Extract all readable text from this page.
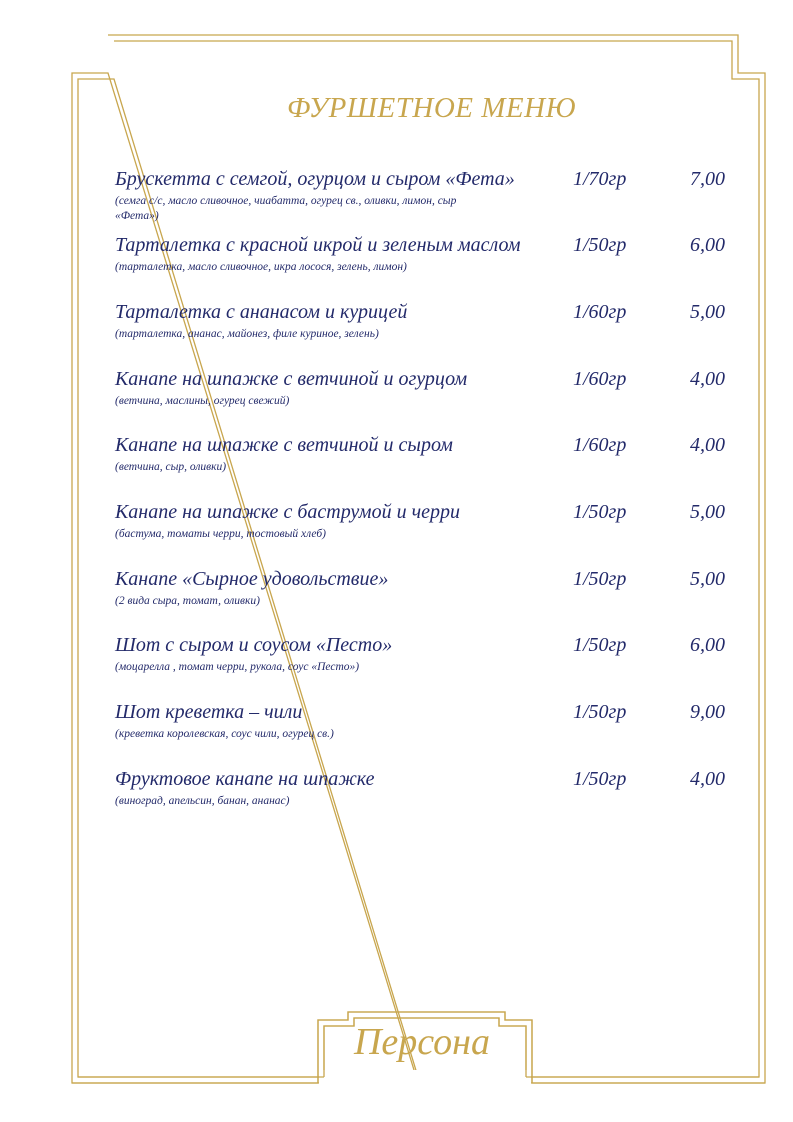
ФУРШЕТНОЕ МЕНЮ
Брускетта с семгой, огурцом и сыром «Фета»	1/70гр	7,00
(семга с/с, масло сливочное, чиабатта, огурец св., оливки, лимон, сыр «Фета»)
Тарталетка с красной икрой и зеленым маслом	1/50гр	6,00
(тарталетка, масло сливочное, икра лосося, зелень, лимон)
Тарталетка с ананасом и курицей	1/60гр	5,00
(тарталетка, ананас, майонез, филе куриное, зелень)
Канапе на шпажке с ветчиной и огурцом	1/60гр	4,00
(ветчина, маслины, огурец свежий)
Канапе на шпажке с ветчиной и сыром	1/60гр	4,00
(ветчина, сыр, оливки)
Канапе на шпажке с баструмой и черри	1/50гр	5,00
(бастума, томаты черри, тостовый хлеб)
Канапе «Сырное удовольствие»	1/50гр	5,00
(2 вида сыра, томат, оливки)
Шот с сыром и соусом «Песто»	1/50гр	6,00
(моцарелла , томат черри, рукола, соус «Песто»)
Шот креветка – чили	1/50гр	9,00
(креветка королевская, соус чили, огурец св.)
Фруктовое канапе на шпажке	1/50гр	4,00
(виноград, апельсин, банан, ананас)
Персона
